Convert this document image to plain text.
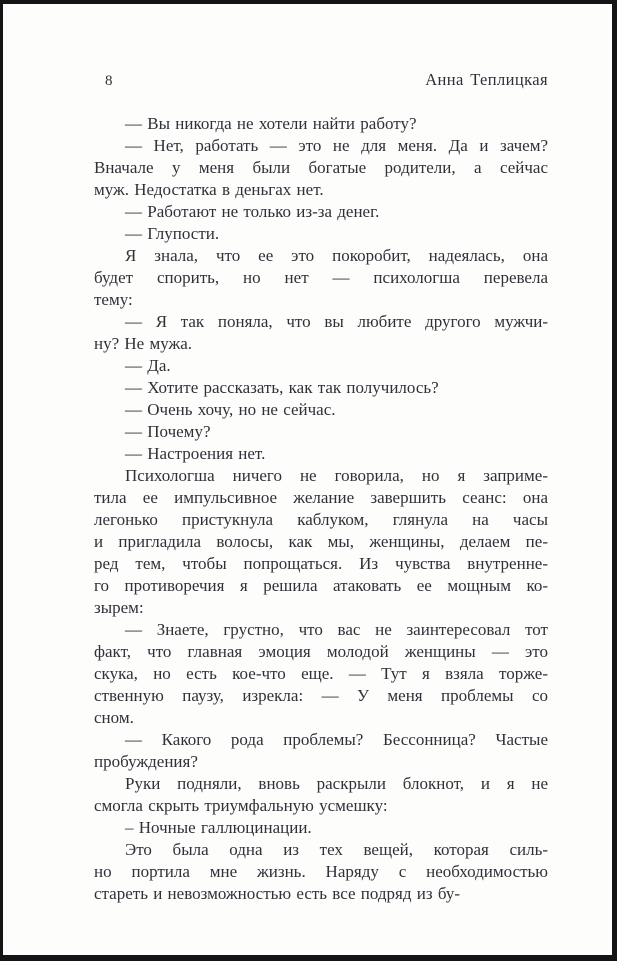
8	Анна Теплицкая
— Вы никогда не хотели найти работу?
— Нет, работать — это не для меня. Да и зачем?
Вначале у меня были богатые родители, а сейчас
муж. Недостатка в деньгах нет.
— Работают не только из-за денег.
— Глупости.
Я знала, что ее это покоробит, надеялась, она
будет спорить, но нет — психологша перевела
тему:
— Я так поняла, что вы любите другого мужчи-
ну? Не мужа.
— Да.
— Хотите рассказать, как так получилось?
— Очень хочу, но не сейчас.
— Почему?
— Настроения нет.
Психологша ничего не говорила, но я заприме-
тила ее импульсивное желание завершить сеанс: она
легонько пристукнула каблуком, глянула на часы
и пригладила волосы, как мы, женщины, делаем пе-
ред тем, чтобы попрощаться. Из чувства внутренне-
го противоречия я решила атаковать ее мощным ко-
зырем:
— Знаете, грустно, что вас не заинтересовал тот
факт, что главная эмоция молодой женщины — это
скука, но есть кое-что еще. — Тут я взяла торже-
ственную паузу, изрекла: — У меня проблемы со
сном.
— Какого рода проблемы? Бессонница? Частые
пробуждения?
Руки подняли, вновь раскрыли блокнот, и я не
смогла скрыть триумфальную усмешку:
– Ночные галлюцинации.
Это была одна из тех вещей, которая силь-
но портила мне жизнь. Наряду с необходимостью
стареть и невозможностью есть все подряд из бу-
